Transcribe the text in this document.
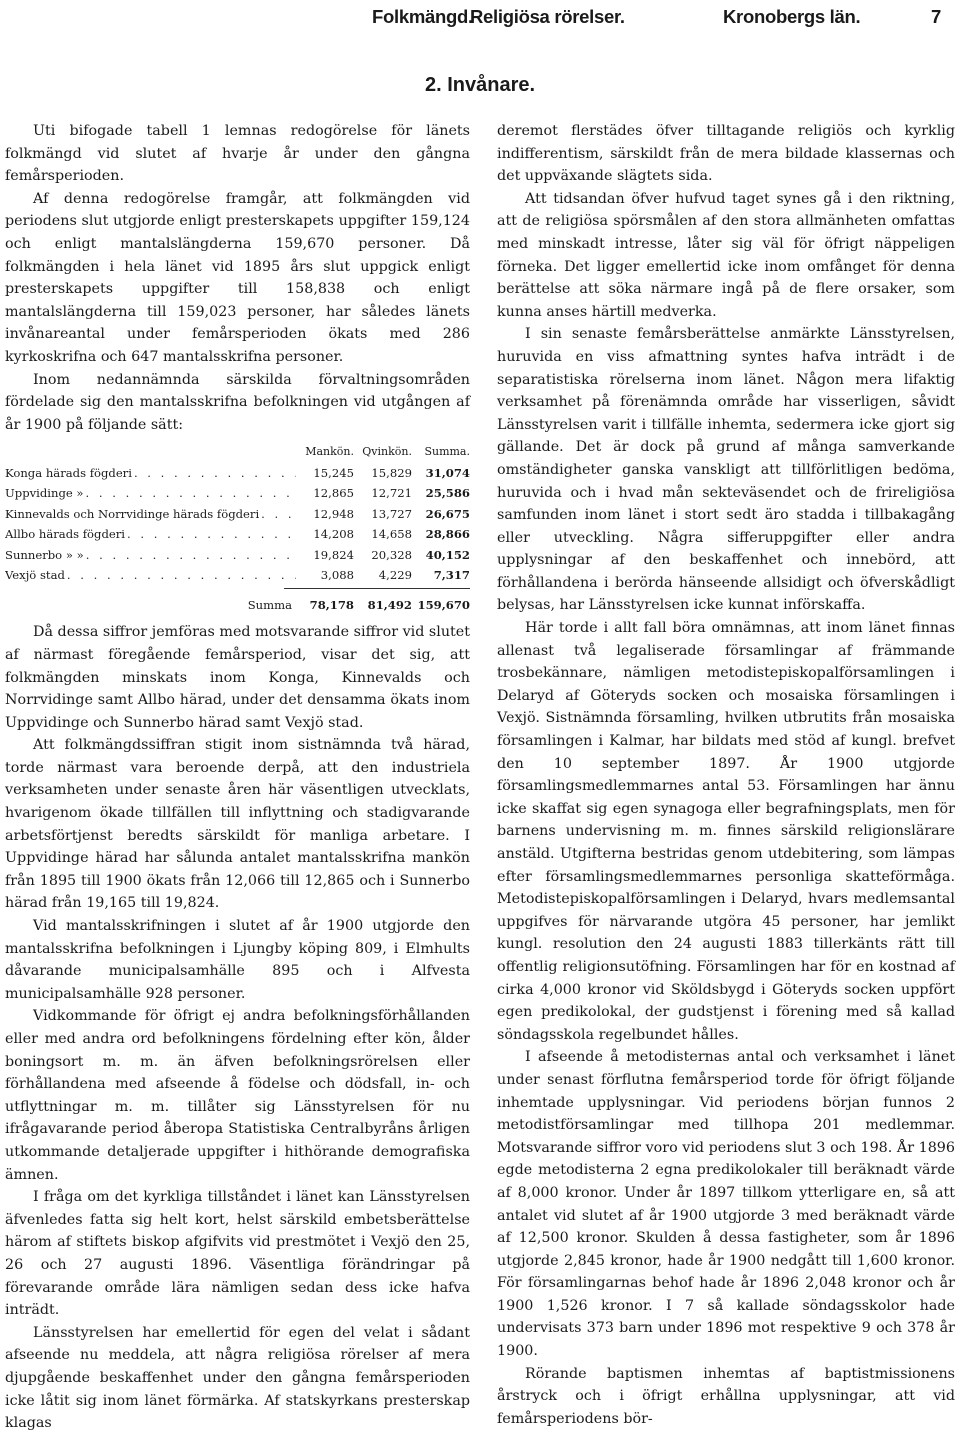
Folkmängd.
Religiösa rörelser.	Kronobergs län.	7
2. Invånare.

Uti bifogade tabell 1 lemnas redogörelse för länets folkmängd vid slutet af hvarje år under den gångna femårsperioden.

Af denna redogörelse framgår, att folkmängden vid periodens slut utgjorde enligt presterskapets uppgifter 159,124 och enligt mantalslängderna 159,670 personer. Då folkmängden i hela länet vid 1895 års slut uppgick enligt presterskapets uppgifter till 158,838 och enligt mantalslängderna till 159,023 personer, har således länets invånareantal under femårsperioden ökats med 286 kyrkoskrifna och 647 mantalsskrifna personer.

Inom nedannämnda särskilda förvaltningsområden fördelade sig den mantalsskrifna befolkningen vid utgången af år 1900 på följande sätt:

Mankön. Qvinkön.	Summa.
Konga härads fögderi . . .	15,245	15,829	31,074
Uppvidinge » . . .	12,865	12,721	25,586
Kinnevalds och Norrvidinge härads fögderi . . .	12,948	13,727	26,675
Allbo härads fögderi . . .	14,208	14,658	28,866
Sunnerbo » » . . .	19,824	20,328	40,152
Vexjö stad . . .	3,088	4,229	7,317
Summa	78,178	81,492 159,670

Då dessa siffror jemföras med motsvarande siffror vid slutet af närmast föregående femårsperiod, visar det sig, att folkmängden minskats inom Konga, Kinnevalds och Norrvidinge samt Allbo härad, under det densamma ökats inom Uppvidinge och Sunnerbo härad samt Vexjö stad.

Att folkmängdssiffran stigit inom sistnämnda två härad, torde närmast vara beroende derpå, att den industriela verksamheten under senaste åren här väsentligen utvecklats, hvarigenom ökade tillfällen till inflyttning och stadigvarande arbetsförtjenst beredts särskildt för manliga arbetare. I Uppvidinge härad har sålunda antalet mantalsskrifna mankön från 1895 till 1900 ökats från 12,066 till 12,865 och i Sunnerbo härad från 19,165 till 19,824.

Vid mantalsskrifningen i slutet af år 1900 utgjorde den mantalsskrifna befolkningen i Ljungby köping 809, i Elmhults dåvarande municipalsamhälle 895 och i Alfvesta municipalsamhälle 928 personer.

Vidkommande för öfrigt ej andra befolkningsförhållanden eller med andra ord befolkningens fördelning efter kön, ålder boningsort m. m. än äfven befolkningsrörelsen eller förhållandena med afseende å födelse och dödsfall, in- och utflyttningar m. m. tillåter sig Länsstyrelsen för nu ifrågavarande period åberopa Statistiska Centralbyråns årligen utkommande detaljerade uppgifter i hithörande demografiska ämnen.

I fråga om det kyrkliga tillståndet i länet kan Länsstyrelsen äfvenledes fatta sig helt kort, helst särskild embetsberättelse härom af stiftets biskop afgifvits vid prestmötet i Vexjö den 25, 26 och 27 augusti 1896. Väsentliga förändringar på förevarande område lära nämligen sedan dess icke hafva inträdt.

Länsstyrelsen har emellertid för egen del velat i sådant afseende nu meddela, att några religiösa rörelser af mera djupgående beskaffenhet under den gångna femårsperioden icke låtit sig inom länet förmärka. Af statskyrkans presterskap klagas

deremot flerstädes öfver tilltagande religiös och kyrklig indifferentism, särskildt från de mera bildade klassernas och det uppväxande slägtets sida.

Att tidsandan öfver hufvud taget synes gå i den riktning, att de religiösa spörsmålen af den stora allmänheten omfattas med minskadt intresse, låter sig väl för öfrigt näppeligen förneka. Det ligger emellertid icke inom omfånget för denna berättelse att söka närmare ingå på de flere orsaker, som kunna anses härtill medverka.

I sin senaste femårsberättelse anmärkte Länsstyrelsen, huruvida en viss afmattning syntes hafva inträdt i de separatistiska rörelserna inom länet. Någon mera lifaktig verksamhet på förenämnda område har visserligen, såvidt Länsstyrelsen varit i tillfälle inhemta, sedermera icke gjort sig gällande. Det är dock på grund af många samverkande omständigheter ganska vanskligt att tillförlitligen bedöma, huruvida och i hvad mån sekteväsendet och de frireligiösa samfunden inom länet i stort sedt äro stadda i tillbakagång eller utveckling. Några sifferuppgifter eller andra upplysningar af den beskaffenhet och innebörd, att förhållandena i berörda hänseende allsidigt och öfverskådligt belysas, har Länsstyrelsen icke kunnat införskaffa.

Här torde i allt fall böra omnämnas, att inom länet finnas allenast två legaliserade församlingar af främmande trosbekännare, nämligen metodistepiskopalförsamlingen i Delaryd af Göteryds socken och mosaiska församlingen i Vexjö. Sistnämnda församling, hvilken utbrutits från mosaiska församlingen i Kalmar, har bildats med stöd af kungl. brefvet den 10 september 1897. År 1900 utgjorde församlingsmedlemmarnes antal 53. Församlingen har ännu icke skaffat sig egen synagoga eller begrafningsplats, men för barnens undervisning m. m. finnes särskild religionslärare anstäld. Utgifterna bestridas genom utdebitering, som lämpas efter församlingsmedlemmarnes personliga skatteförmåga. Metodistepiskopalförsamlingen i Delaryd, hvars medlemsantal uppgifves för närvarande utgöra 45 personer, har jemlikt kungl. resolution den 24 augusti 1883 tillerkänts rätt till offentlig religionsutöfning. Församlingen har för en kostnad af cirka 4,000 kronor vid Sköldsbygd i Göteryds socken uppfört egen predikolokal, der gudstjenst i förening med så kallad söndagsskola regelbundet hålles.

I afseende å metodisternas antal och verksamhet i länet under senast förflutna femårsperiod torde för öfrigt följande inhemtade upplysningar. Vid periodens början funnos 2 metodistförsamlingar med tillhopa 201 medlemmar. Motsvarande siffror voro vid periodens slut 3 och 198. År 1896 egde metodisterna 2 egna predikolokaler till beräknadt värde af 8,000 kronor. Under år 1897 tillkom ytterligare en, så att antalet vid slutet af år 1900 utgjorde 3 med beräknadt värde af 12,500 kronor. Skulden å dessa fastigheter, som år 1896 utgjorde 2,845 kronor, hade år 1900 nedgått till 1,600 kronor. För församlingarnas behof hade år 1896 2,048 kronor och år 1900 1,526 kronor. I 7 så kallade söndagsskolor hade undervisats 373 barn under 1896 mot respektive 9 och 378 år 1900.

Rörande baptismen inhemtas af baptistmissionens årstryck och i öfrigt erhållna upplysningar, att vid femårsperiodens bör-
